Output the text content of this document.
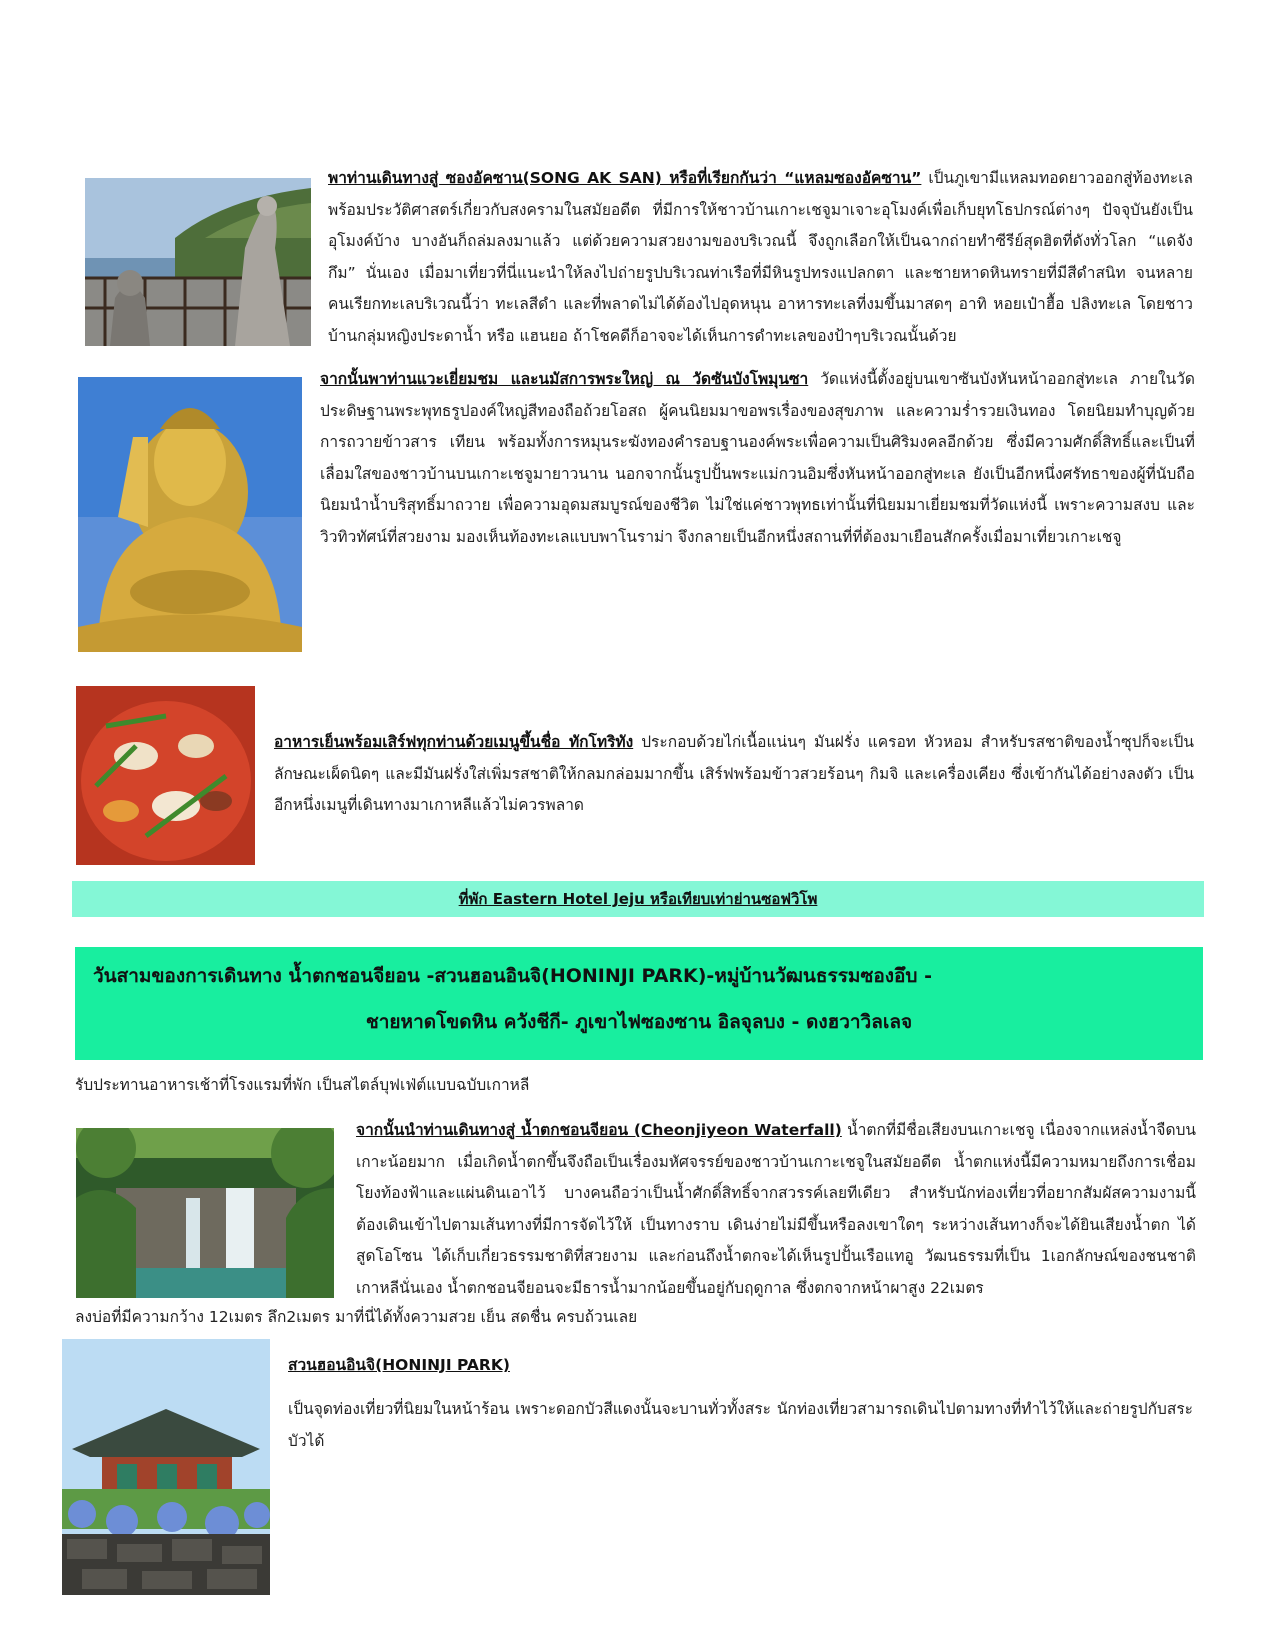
พาท่านเดินทางสู่ ซองอัคซาน(SONG AK SAN) หรือที่เรียกกันว่า “แหลมซองอัคซาน” เป็นภูเขามีแหลมทอดยาวออกสู่ท้องทะเล พร้อมประวัติศาสตร์เกี่ยวกับสงครามในสมัยอดีต ที่มีการให้ชาวบ้านเกาะเชจูมาเจาะอุโมงค์เพื่อเก็บยุทโธปกรณ์ต่างๆ ปัจจุบันยังเป็นอุโมงค์บ้าง บางอันก็ถล่มลงมาแล้ว แต่ด้วยความสวยงามของบริเวณนี้ จึงถูกเลือกให้เป็นฉากถ่ายทำซีรีย์สุดฮิตที่ดังทั่วโลก “แดจังกึม” นั่นเอง เมื่อมาเที่ยวที่นี่แนะนำให้ลงไปถ่ายรูปบริเวณท่าเรือที่มีหินรูปทรงแปลกตา และชายหาดหินทรายที่มีสีดำสนิท จนหลายคนเรียกทะเลบริเวณนี้ว่า ทะเลสีดำ และที่พลาดไม่ได้ต้องไปอุดหนุน อาหารทะเลที่งมขึ้นมาสดๆ อาทิ หอยเป๋าฮื้อ ปลิงทะเล โดยชาวบ้านกลุ่มหญิงประดาน้ำ หรือ แฮนยอ ถ้าโชคดีก็อาจจะได้เห็นการดำทะเลของป้าๆบริเวณนั้นด้วย

จากนั้นพาท่านแวะเยี่ยมชม และนมัสการพระใหญ่ ณ วัดซันบังโพมุนซา วัดแห่งนี้ตั้งอยู่บนเขาซันบังหันหน้าออกสู่ทะเล ภายในวัดประดิษฐานพระพุทธรูปองค์ใหญ่สีทองถือถ้วยโอสถ ผู้คนนิยมมาขอพรเรื่องของสุขภาพ และความร่ำรวยเงินทอง โดยนิยมทำบุญด้วยการถวายข้าวสาร เทียน พร้อมทั้งการหมุนระฆังทองคำรอบฐานองค์พระเพื่อความเป็นศิริมงคลอีกด้วย ซึ่งมีความศักดิ์สิทธิ์และเป็นที่เลื่อมใสของชาวบ้านบนเกาะเชจูมายาวนาน นอกจากนั้นรูปปั้นพระแม่กวนอิมซึ่งหันหน้าออกสู่ทะเล ยังเป็นอีกหนึ่งศรัทธาของผู้ที่นับถือ นิยมนำน้ำบริสุทธิ์มาถวาย เพื่อความอุดมสมบูรณ์ของชีวิต ไม่ใช่แค่ชาวพุทธเท่านั้นที่นิยมมาเยี่ยมชมที่วัดแห่งนี้ เพราะความสงบ และวิวทิวทัศน์ที่สวยงาม มองเห็นท้องทะเลแบบพาโนราม่า จึงกลายเป็นอีกหนึ่งสถานที่ที่ต้องมาเยือนสักครั้งเมื่อมาเที่ยวเกาะเชจู

อาหารเย็นพร้อมเสิร์ฟทุกท่านด้วยเมนูขึ้นชื่อ ทักโทริทัง ประกอบด้วยไก่เนื้อแน่นๆ มันฝรั่ง แครอท หัวหอม สำหรับรสชาติของน้ำซุปก็จะเป็นลักษณะเผ็ดนิดๆ และมีมันฝรั่งใส่เพิ่มรสชาติให้กลมกล่อมมากขึ้น เสิร์ฟพร้อมข้าวสวยร้อนๆ กิมจิ และเครื่องเคียง ซึ่งเข้ากันได้อย่างลงตัว เป็นอีกหนึ่งเมนูที่เดินทางมาเกาหลีแล้วไม่ควรพลาด

ที่พัก Eastern Hotel Jeju หรือเทียบเท่าย่านซอฟวิโพ
วันสามของการเดินทาง น้ำตกชอนจียอน -สวนฮอนอินจิ(HONINJI PARK)-หมู่บ้านวัฒนธรรมซองอึบ -
ชายหาดโขดหิน ควังชีกี- ภูเขาไฟซองซาน อิลจุลบง - ดงฮวาวิลเลจ
รับประทานอาหารเช้าที่โรงแรมที่พัก เป็นสไตล์บุฟเฟ่ต์แบบฉบับเกาหลี

จากนั้นนำท่านเดินทางสู่ น้ำตกชอนจียอน (Cheonjiyeon Waterfall) น้ำตกที่มีชื่อเสียงบนเกาะเชจู เนื่องจากแหล่งน้ำจืดบนเกาะน้อยมาก เมื่อเกิดน้ำตกขึ้นจึงถือเป็นเรื่องมหัศจรรย์ของชาวบ้านเกาะเชจูในสมัยอดีต น้ำตกแห่งนี้มีความหมายถึงการเชื่อมโยงท้องฟ้าและแผ่นดินเอาไว้ บางคนถือว่าเป็นน้ำศักดิ์สิทธิ์จากสวรรค์เลยทีเดียว สำหรับนักท่องเที่ยวที่อยากสัมผัสความงามนี้ ต้องเดินเข้าไปตามเส้นทางที่มีการจัดไว้ให้ เป็นทางราบ เดินง่ายไม่มีขึ้นหรือลงเขาใดๆ ระหว่างเส้นทางก็จะได้ยินเสียงน้ำตก ได้สูดโอโซน ได้เก็บเกี่ยวธรรมชาติที่สวยงาม และก่อนถึงน้ำตกจะได้เห็นรูปปั้นเรือแทอู วัฒนธรรมที่เป็น 1เอกลักษณ์ของชนชาติเกาหลีนั่นเอง น้ำตกชอนจียอนจะมีธารน้ำมากน้อยขึ้นอยู่กับฤดูกาล ซึ่งตกจากหน้าผาสูง 22เมตร

ลงบ่อที่มีความกว้าง 12เมตร ลึก2เมตร มาที่นี่ได้ทั้งความสวย เย็น สดชื่น ครบถ้วนเลย

สวนฮอนอินจิ(HONINJI PARK)

เป็นจุดท่องเที่ยวที่นิยมในหน้าร้อน เพราะดอกบัวสีแดงนั้นจะบานทั่วทั้งสระ นักท่องเที่ยวสามารถเดินไปตามทางที่ทำไว้ให้และถ่ายรูปกับสระบัวได้
